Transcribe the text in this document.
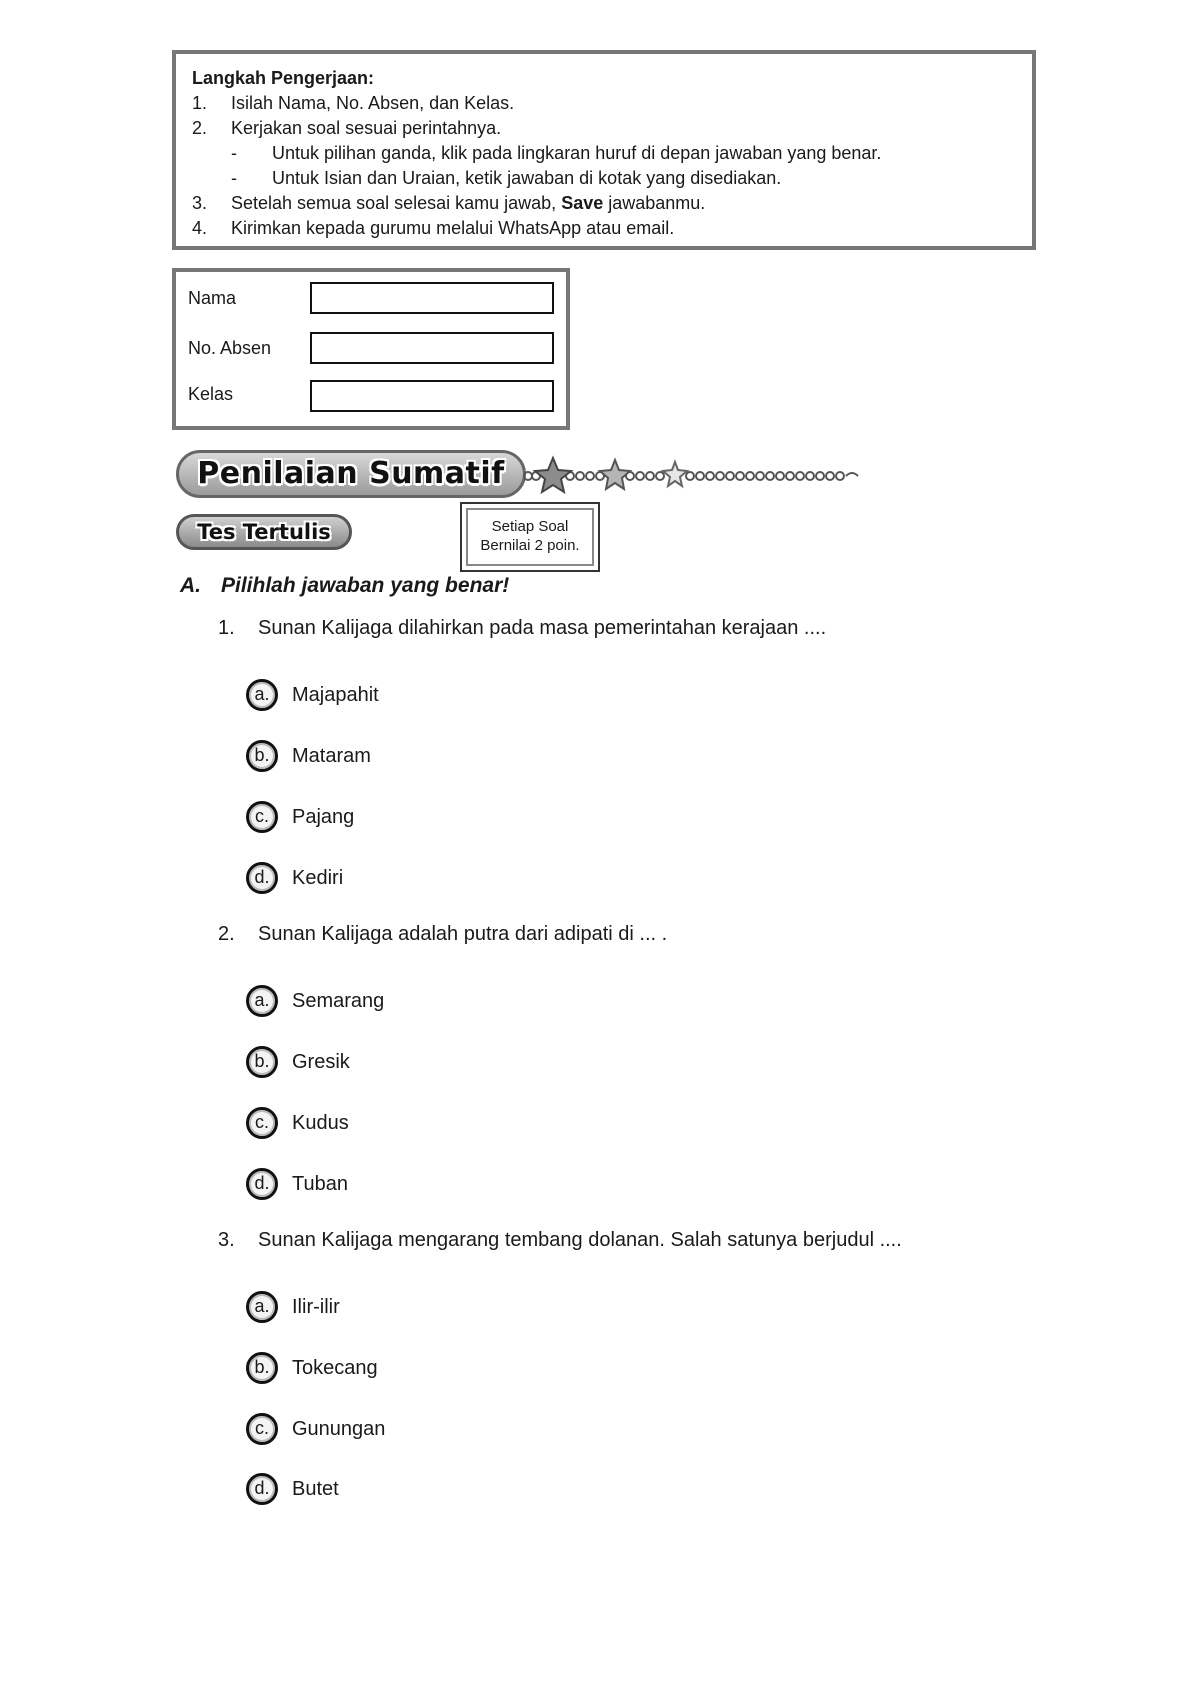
Langkah Pengerjaan:
1.	Isilah Nama, No. Absen, dan Kelas.
2.	Kerjakan soal sesuai perintahnya.
-	Untuk pilihan ganda, klik pada lingkaran huruf di depan jawaban yang benar.
-	Untuk Isian dan Uraian, ketik jawaban di kotak yang disediakan.
3.	Setelah semua soal selesai kamu jawab, Save jawabanmu.
4.	Kirimkan kepada gurumu melalui WhatsApp atau email.
Nama
No. Absen
Kelas
Penilaian Sumatif
Tes Tertulis	Setiap Soal
Bernilai 2 poin.
A. Pilihlah jawaban yang benar!
1. Sunan Kalijaga dilahirkan pada masa pemerintahan kerajaan ....
a.	Majapahit
b.	Mataram
c.	Pajang
d.	Kediri
2. Sunan Kalijaga adalah putra dari adipati di ... .
a.	Semarang
b.	Gresik
c.	Kudus
d.	Tuban
3. Sunan Kalijaga mengarang tembang dolanan. Salah satunya berjudul ....
a.	Ilir-ilir
b.	Tokecang
c.	Gunungan
d.	Butet
